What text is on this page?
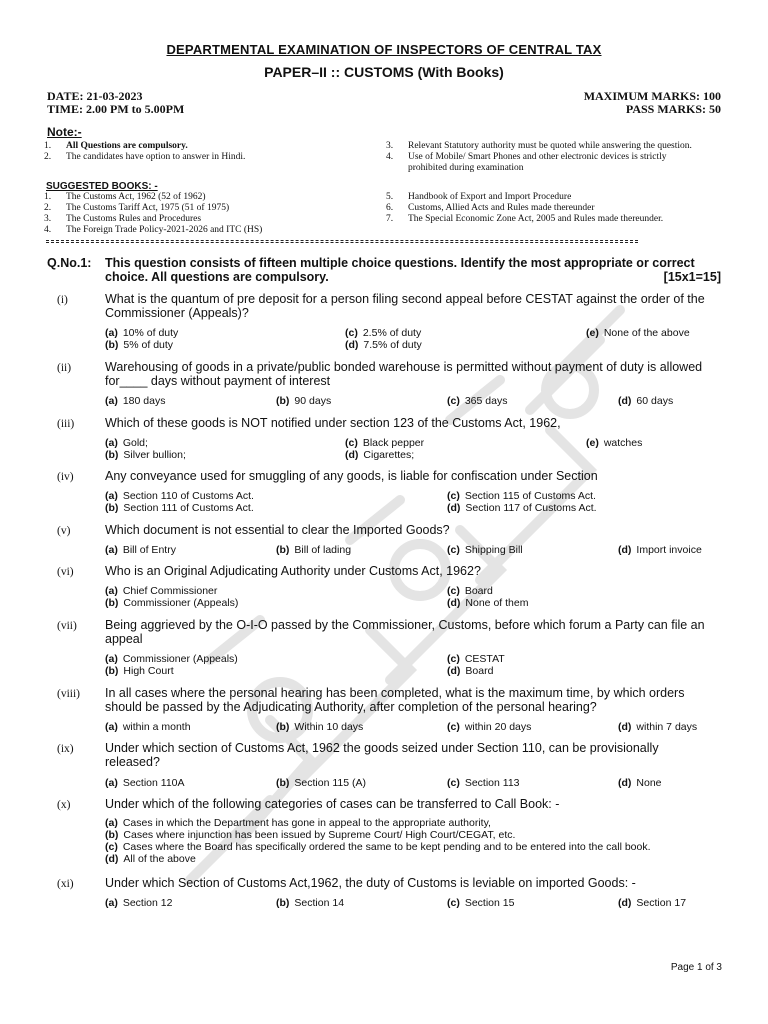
DEPARTMENTAL EXAMINATION OF INSPECTORS OF CENTRAL TAX
PAPER–II :: CUSTOMS (With Books)
DATE: 21-03-2023
TIME: 2.00 PM to 5.00PM
MAXIMUM MARKS: 100
PASS MARKS: 50
Note:-
1. All Questions are compulsory.
2. The candidates have option to answer in Hindi.
3. Relevant Statutory authority must be quoted while answering the question.
4. Use of Mobile/ Smart Phones and other electronic devices is strictly
prohibited during examination
SUGGESTED BOOKS: -
1. The Customs Act, 1962 (52 of 1962)
2. The Customs Tariff Act, 1975 (51 of 1975)
3. The Customs Rules and Procedures
4. The Foreign Trade Policy-2021-2026 and ITC (HS)
5. Handbook of Export and Import Procedure
6. Customs, Allied Acts and Rules made thereunder
7. The Special Economic Zone Act, 2005 and Rules made thereunder.
Q.No.1: This question consists of fifteen multiple choice questions. Identify the most appropriate or correct
choice. All questions are compulsory.	[15x1=15]
(i)	What is the quantum of pre deposit for a person filing second appeal before CESTAT against the order of the
Commissioner (Appeals)?
(a) 10% of duty
(b) 5% of duty
(c) 2.5% of duty
(d) 7.5% of duty
(e) None of the above
(ii)	Warehousing of goods in a private/public bonded warehouse is permitted without payment of duty is allowed
for____ days without payment of interest
(a) 180 days	(b) 90 days	(c) 365 days	(d) 60 days
(iii) Which of these goods is NOT notified under section 123 of the Customs Act, 1962,
(a) Gold;
(b) Silver bullion;
(c) Black pepper
(d) Cigarettes;
(e) watches
(iv)	Any conveyance used for smuggling of any goods, is liable for confiscation under Section
(a) Section 110 of Customs Act.
(b) Section 111 of Customs Act.
(c) Section 115 of Customs Act.
(d) Section 117 of Customs Act.
(v)	Which document is not essential to clear the Imported Goods?
(a) Bill of Entry	(b) Bill of lading	(c) Shipping Bill	(d) Import invoice
(vi)	Who is an Original Adjudicating Authority under Customs Act, 1962?
(a) Chief Commissioner
(b) Commissioner (Appeals)
(c) Board
(d) None of them
(vii) Being aggrieved by the O-I-O passed by the Commissioner, Customs, before which forum a Party can file an
appeal
(a) Commissioner (Appeals)
(b) High Court
(c) CESTAT
(d) Board
(viii) In all cases where the personal hearing has been completed, what is the maximum time, by which orders
should be passed by the Adjudicating Authority, after completion of the personal hearing?
(a) within a month	(b) Within 10 days	(c) within 20 days	(d) within 7 days
(ix)	Under which section of Customs Act, 1962 the goods seized under Section 110, can be provisionally
released?
(a) Section 110A	(b) Section 115 (A)	(c) Section 113	(d) None
(x)	Under which of the following categories of cases can be transferred to Call Book: -
(a) Cases in which the Department has gone in appeal to the appropriate authority,
(b) Cases where injunction has been issued by Supreme Court/ High Court/CEGAT, etc.
(c) Cases where the Board has specifically ordered the same to be kept pending and to be entered into the call book.
(d) All of the above
(xi)	Under which Section of Customs Act,1962, the duty of Customs is leviable on imported Goods: -
(a) Section 12	(b) Section 14	(c) Section 15	(d) Section 17
Page 1 of 3
